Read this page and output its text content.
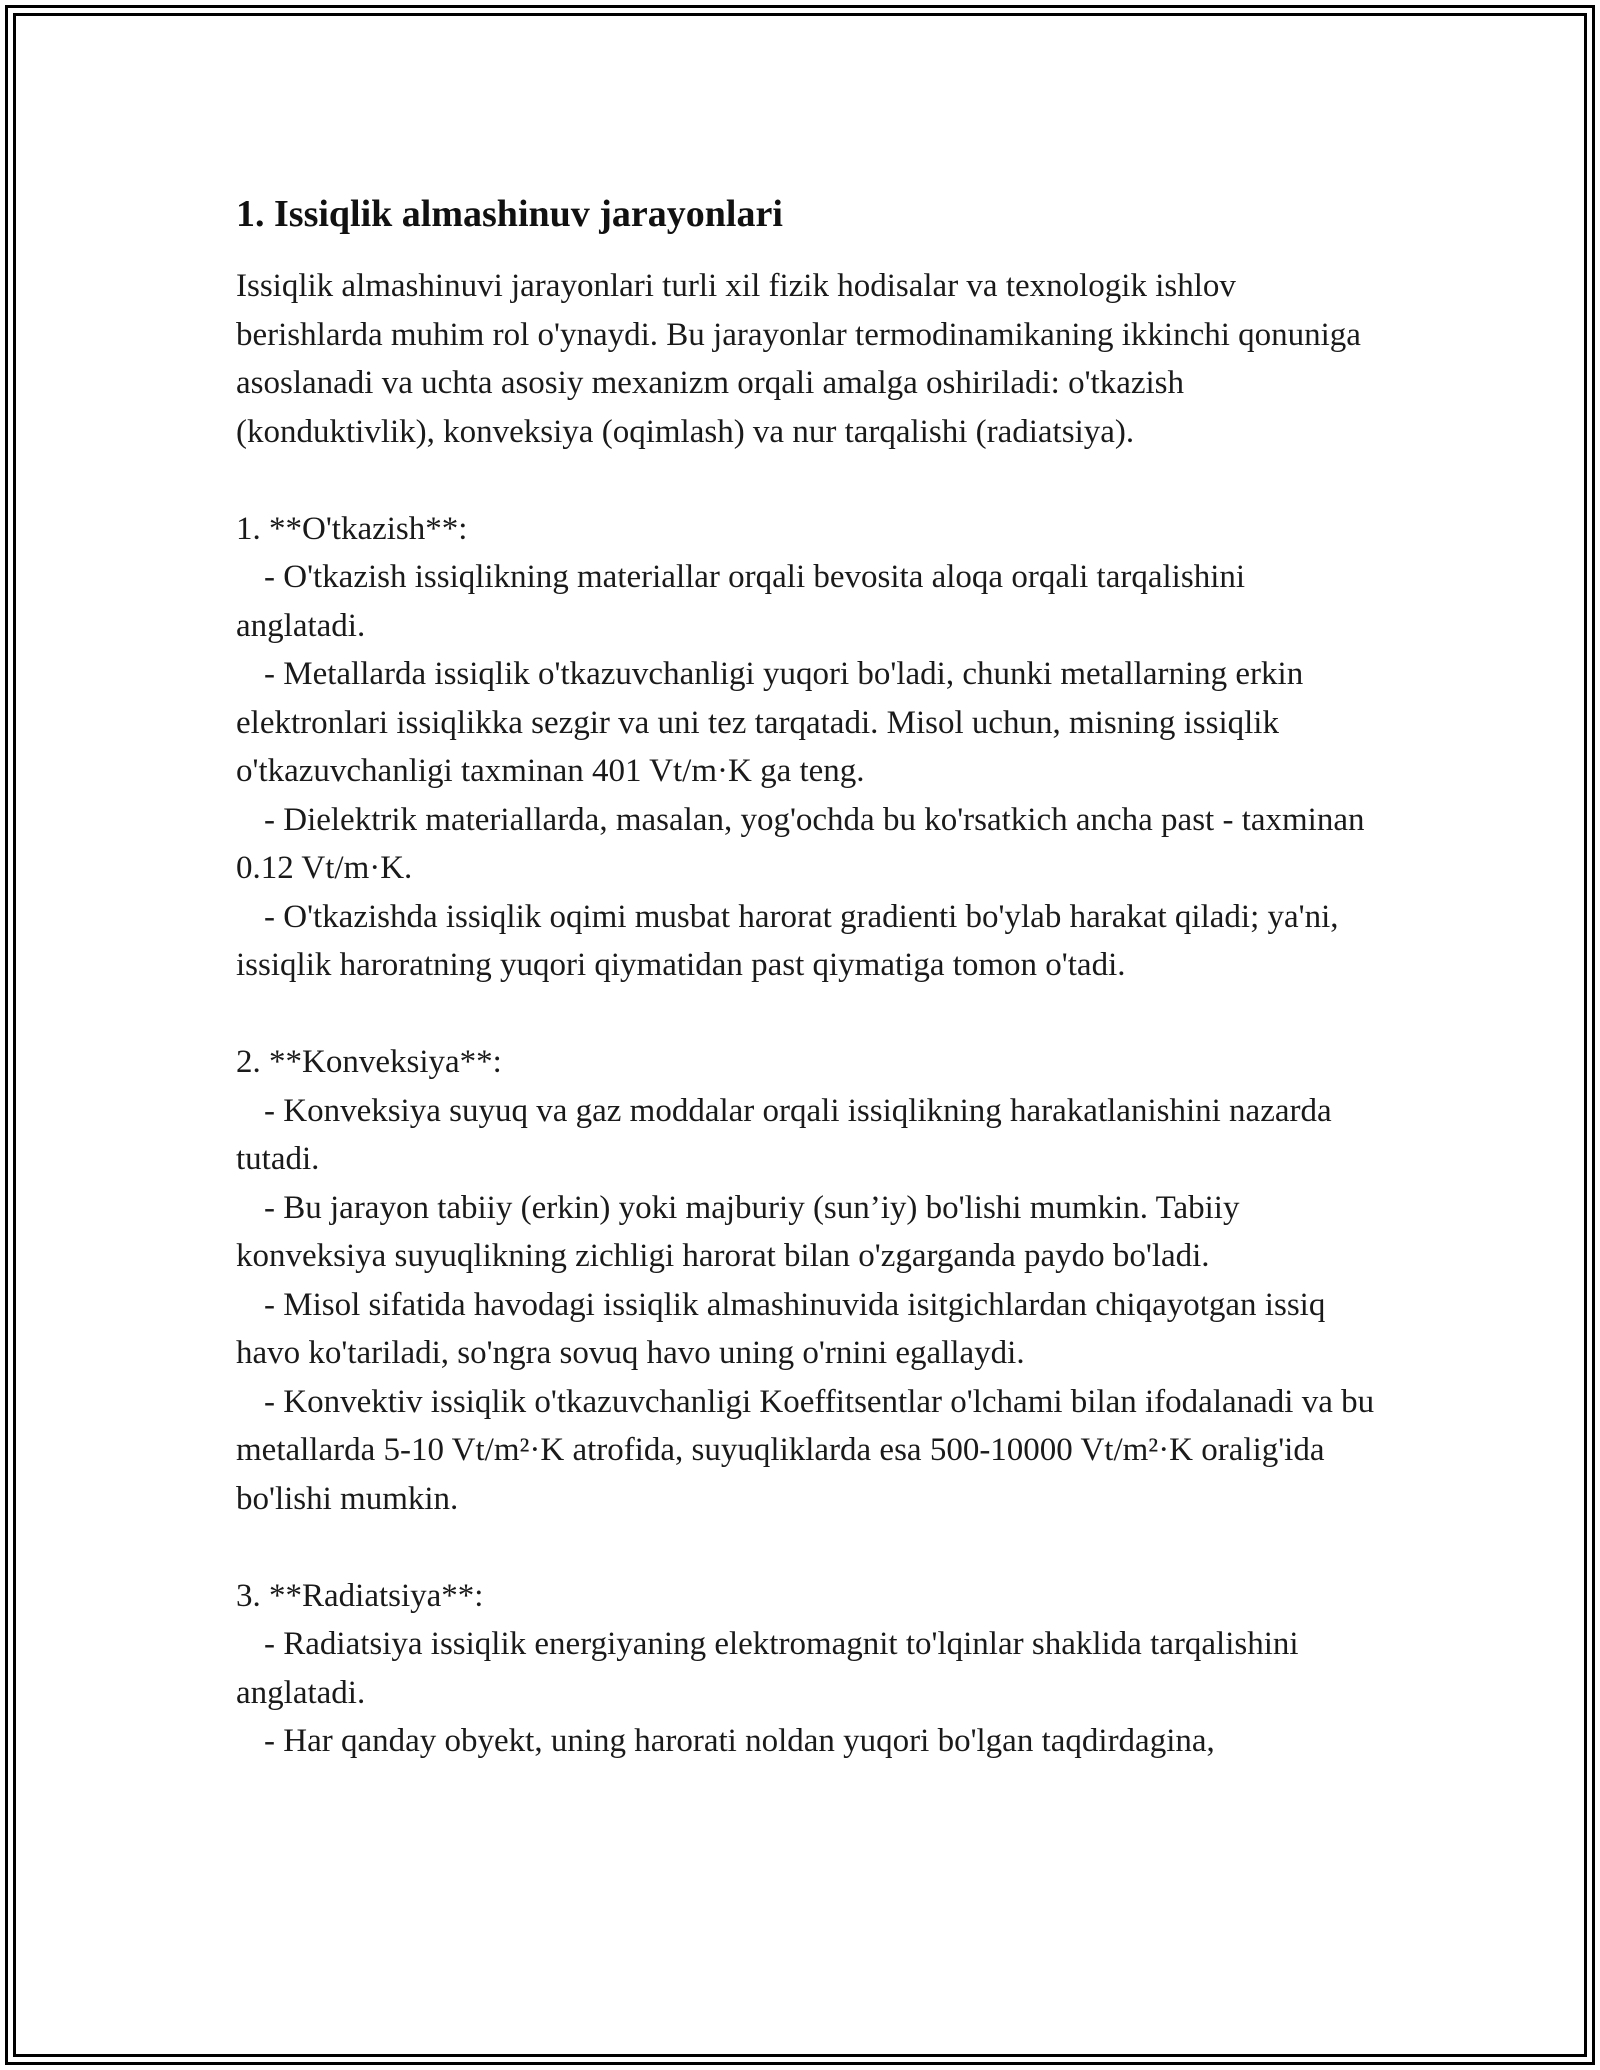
1. Issiqlik almashinuv jarayonlari

Issiqlik almashinuvi jarayonlari turli xil fizik hodisalar va texnologik ishlov berishlarda muhim rol o'ynaydi. Bu jarayonlar termodinamikaning ikkinchi qonuniga asoslanadi va uchta asosiy mexanizm orqali amalga oshiriladi: o'tkazish (konduktivlik), konveksiya (oqimlash) va nur tarqalishi (radiatsiya).

1. **O'tkazish**:

- O'tkazish issiqlikning materiallar orqali bevosita aloqa orqali tarqalishini anglatadi.

- Metallarda issiqlik o'tkazuvchanligi yuqori bo'ladi, chunki metallarning erkin elektronlari issiqlikka sezgir va uni tez tarqatadi. Misol uchun, misning issiqlik o'tkazuvchanligi taxminan 401 Vt/m·K ga teng.

- Dielektrik materiallarda, masalan, yog'ochda bu ko'rsatkich ancha past - taxminan 0.12 Vt/m·K.

- O'tkazishda issiqlik oqimi musbat harorat gradienti bo'ylab harakat qiladi; ya'ni, issiqlik haroratning yuqori qiymatidan past qiymatiga tomon o'tadi.

2. **Konveksiya**:

- Konveksiya suyuq va gaz moddalar orqali issiqlikning harakatlanishini nazarda tutadi.

- Bu jarayon tabiiy (erkin) yoki majburiy (sun’iy) bo'lishi mumkin. Tabiiy konveksiya suyuqlikning zichligi harorat bilan o'zgarganda paydo bo'ladi.

- Misol sifatida havodagi issiqlik almashinuvida isitgichlardan chiqayotgan issiq havo ko'tariladi, so'ngra sovuq havo uning o'rnini egallaydi.

- Konvektiv issiqlik o'tkazuvchanligi Koeffitsentlar o'lchami bilan ifodalanadi va bu metallarda 5-10 Vt/m²·K atrofida, suyuqliklarda esa 500-10000 Vt/m²·K oralig'ida bo'lishi mumkin.

3. **Radiatsiya**:

- Radiatsiya issiqlik energiyaning elektromagnit to'lqinlar shaklida tarqalishini anglatadi.

- Har qanday obyekt, uning harorati noldan yuqori bo'lgan taqdirdagina,
